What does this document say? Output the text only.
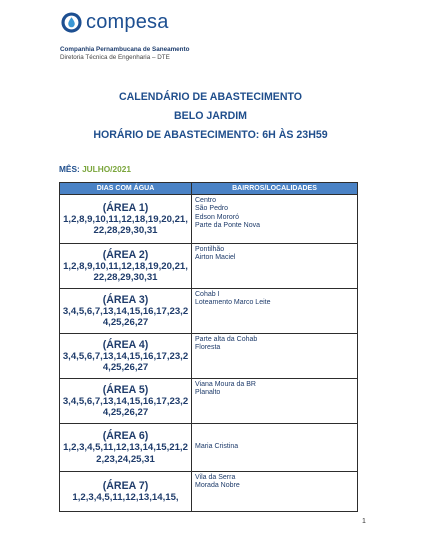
compesa
Companhia Pernambucana de Saneamento
Diretoria Técnica de Engenharia – DTE
CALENDÁRIO DE ABASTECIMENTO
BELO JARDIM
HORÁRIO DE ABASTECIMENTO: 6H ÀS 23H59
MÊS: JULHO/2021
DIAS COM ÁGUA	BAIRROS/LOCALIDADES

(ÁREA 1)
1,2,8,9,10,11,12,18,19,20,21,22,28,29,30,31	Centro
São Pedro
Edson Mororó
Parte da Ponte Nova

(ÁREA 2)
1,2,8,9,10,11,12,18,19,20,21,22,28,29,30,31	Pontilhão
Airton Maciel

(ÁREA 3)
3,4,5,6,7,13,14,15,16,17,23,24,25,26,27	Cohab I
Loteamento Marco Leite

(ÁREA 4)
3,4,5,6,7,13,14,15,16,17,23,24,25,26,27	Parte alta da Cohab
Floresta

(ÁREA 5)
3,4,5,6,7,13,14,15,16,17,23,24,25,26,27	Viana Moura da BR
Planalto

(ÁREA 6)
1,2,3,4,5,11,12,13,14,15,21,22,23,24,25,31	Maria Cristina

(ÁREA 7)
1,2,3,4,5,11,12,13,14,15,	Vila da Serra
Morada Nobre
1
